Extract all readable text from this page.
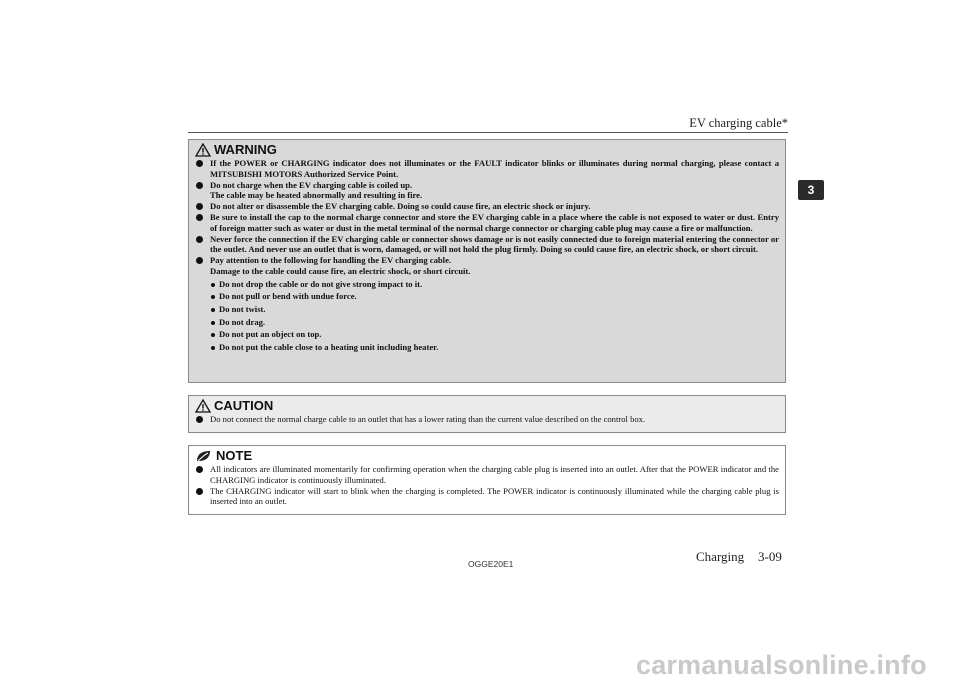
EV charging cable*
3
WARNING
If the POWER or CHARGING indicator does not illuminates or the FAULT indicator blinks or illuminates during normal charging, please contact a MITSUBISHI MOTORS Authorized Service Point.
Do not charge when the EV charging cable is coiled up.
The cable may be heated abnormally and resulting in fire.
Do not alter or disassemble the EV charging cable. Doing so could cause fire, an electric shock or injury.
Be sure to install the cap to the normal charge connector and store the EV charging cable in a place where the cable is not exposed to water or dust. Entry of foreign matter such as water or dust in the metal terminal of the normal charge connector or charging cable plug may cause a fire or malfunction.
Never force the connection if the EV charging cable or connector shows damage or is not easily connected due to foreign material entering the connector or the outlet. And never use an outlet that is worn, damaged, or will not hold the plug firmly. Doing so could cause fire, an electric shock, or short circuit.
Pay attention to the following for handling the EV charging cable.
Damage to the cable could cause fire, an electric shock, or short circuit.
Do not drop the cable or do not give strong impact to it.
Do not pull or bend with undue force.
Do not twist.
Do not drag.
Do not put an object on top.
Do not put the cable close to a heating unit including heater.
CAUTION
Do not connect the normal charge cable to an outlet that has a lower rating than the current value described on the control box.
NOTE
All indicators are illuminated momentarily for confirming operation when the charging cable plug is inserted into an outlet. After that the POWER indicator and the CHARGING indicator is continuously illuminated.
The CHARGING indicator will start to blink when the charging is completed. The POWER indicator is continuously illuminated while the charging cable plug is inserted into an outlet.
OGGE20E1	Charging 3-09
carmanualsonline.info
